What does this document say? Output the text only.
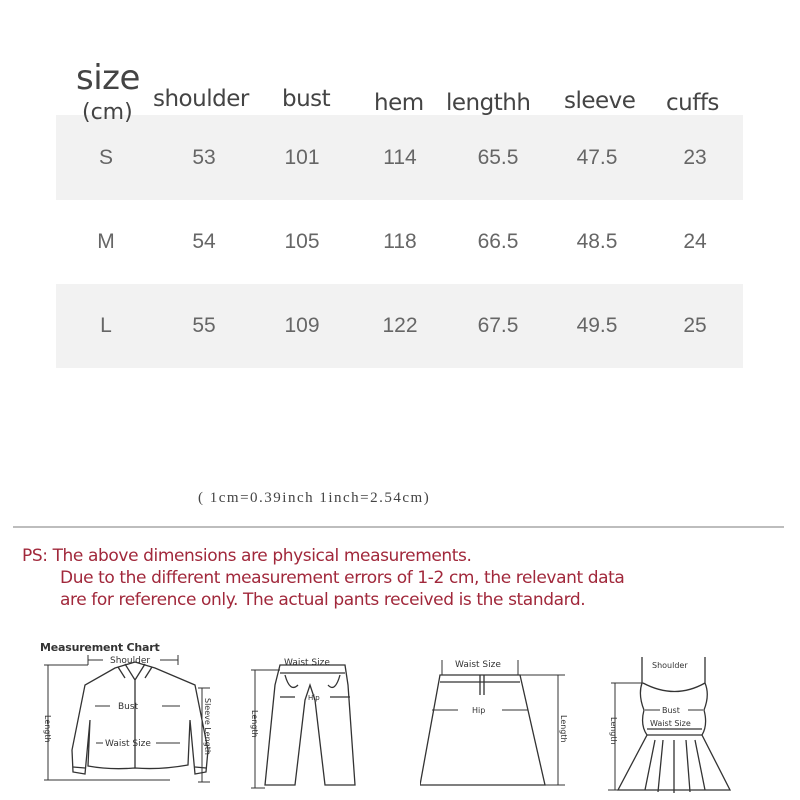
size
(cm)
shoulder bust hem lengthh sleeve cuffs
S	53	101	114	65.5	47.5	23
M	54	105	118	66.5	48.5	24
L	55	109	122	67.5	49.5	25
( 1cm=0.39inch 1inch=2.54cm)
PS: The above dimensions are physical measurements.
Due to the different measurement errors of 1-2 cm, the relevant data
are for reference only. The actual pants received is the standard.
Measurement Chart
Shoulder
Bust
Waist Size
Length	Sleeve Length
Waist Size
Hip
Length
Waist Size
Hip
Length
Shoulder
Bust
Waist Size
Length
